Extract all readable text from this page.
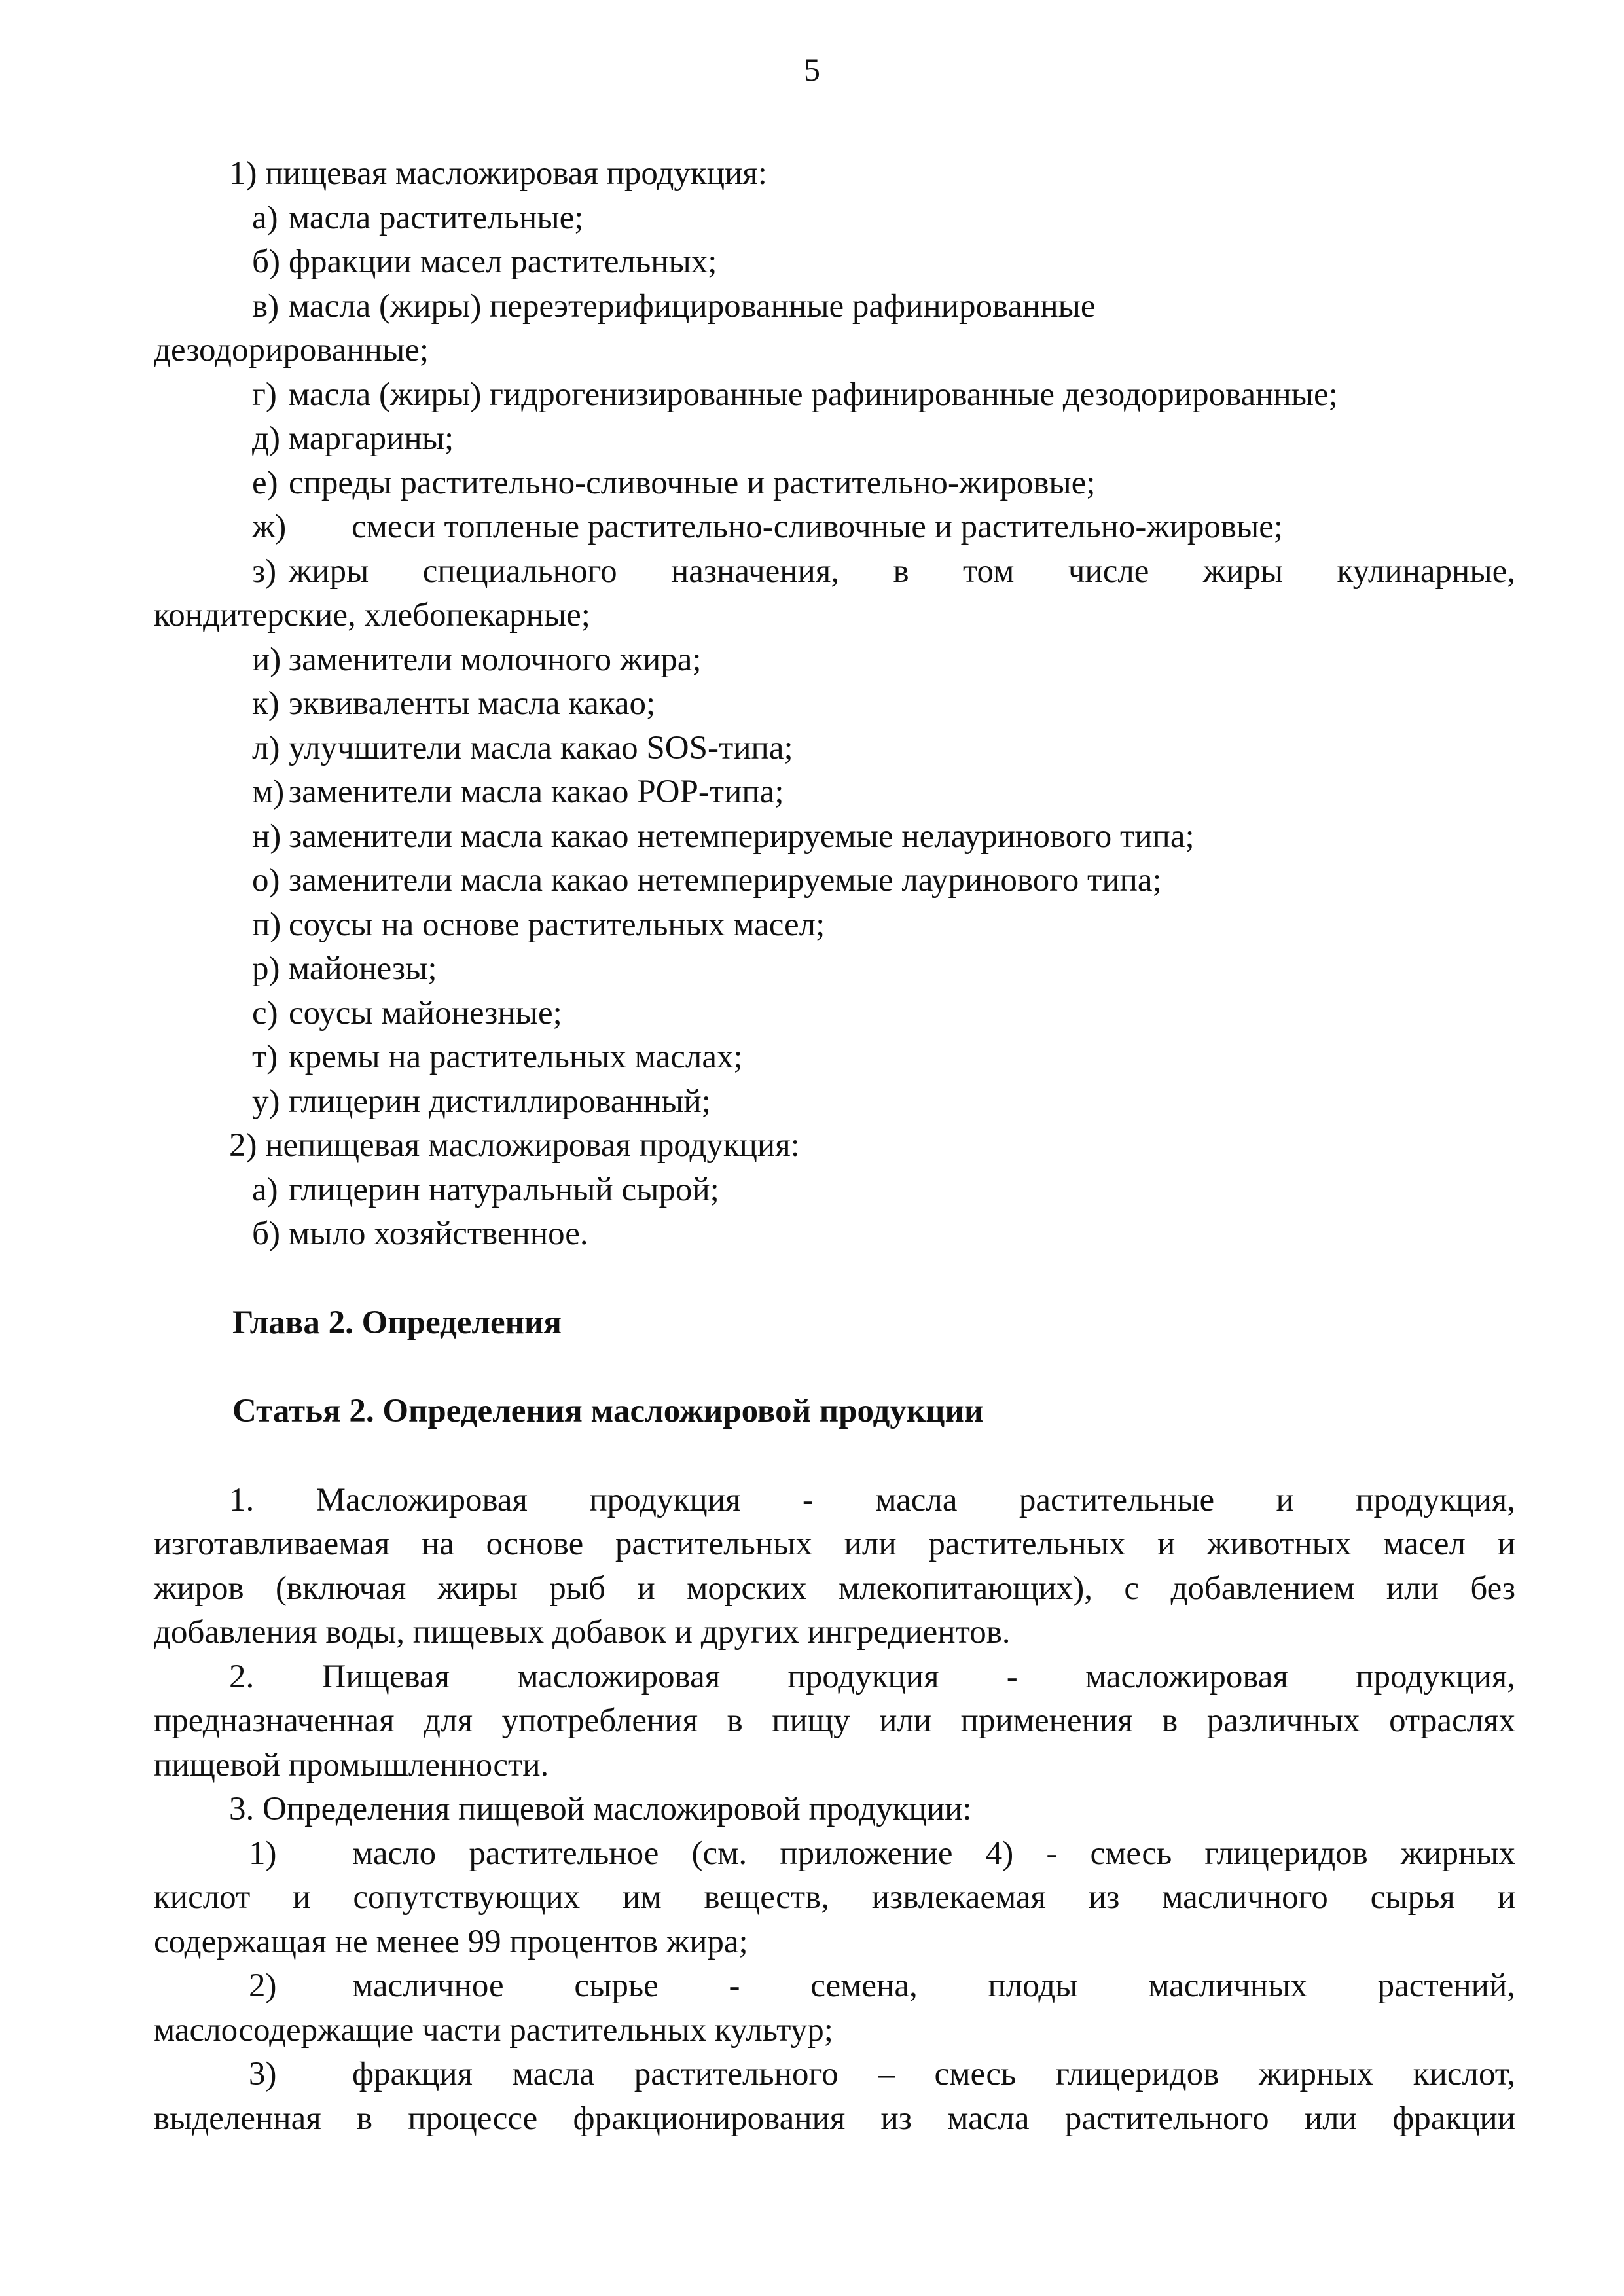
5
1) пищевая масложировая продукция:
а) масла растительные;
б) фракции масел растительных;
в) масла (жиры) переэтерифицированные рафинированные
дезодорированные;
г) масла (жиры) гидрогенизированные рафинированные дезодорированные;
д) маргарины;
е) спреды растительно-сливочные и растительно-жировые;
ж) смеси топленые растительно-сливочные и растительно-жировые;
з) жиры специального назначения, в том числе жиры кулинарные,
кондитерские, хлебопекарные;
и) заменители молочного жира;
к) эквиваленты масла какао;
л) улучшители масла какао SOS-типа;
м) заменители масла какао POP-типа;
н) заменители масла какао нетемперируемые нелауринового типа;
о) заменители масла какао нетемперируемые лауринового типа;
п) соусы на основе растительных масел;
р) майонезы;
с) соусы майонезные;
т) кремы на растительных маслах;
у) глицерин дистиллированный;
2) непищевая масложировая продукция:
а) глицерин натуральный сырой;
б) мыло хозяйственное.
Глава 2. Определения
Статья 2. Определения масложировой продукции
1. Масложировая продукция - масла растительные и продукция,
изготавливаемая на основе растительных или растительных и животных масел и
жиров (включая жиры рыб и морских млекопитающих), с добавлением или без
добавления воды, пищевых добавок и других ингредиентов.
2. Пищевая масложировая продукция - масложировая продукция,
предназначенная для употребления в пищу или применения в различных отраслях
пищевой промышленности.
3. Определения пищевой масложировой продукции:
1) масло растительное (см. приложение 4) - смесь глицеридов жирных
кислот и сопутствующих им веществ, извлекаемая из масличного сырья и
содержащая не менее 99 процентов жира;
2) масличное сырье - семена, плоды масличных растений,
маслосодержащие части растительных культур;
3) фракция масла растительного – смесь глицеридов жирных кислот,
выделенная в процессе фракционирования из масла растительного или фракции
